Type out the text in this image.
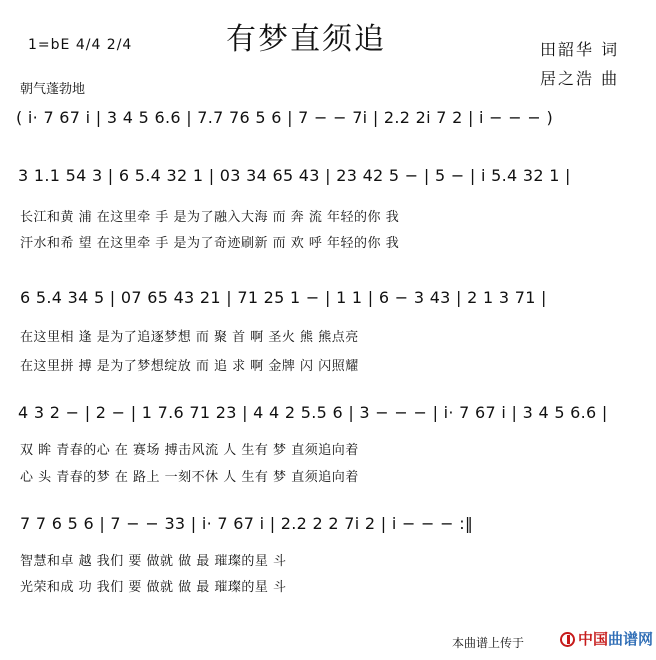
有梦直须追
1=bE 4/4 2/4	田韶华 词
居之浩 曲
朝气蓬勃地
( i· 7 67 i | 3 4 5 6.6 | 7.7 76 5 6 | 7 − − 7i | 2.2 2i 7 2 | i − − − )
3 1.1 54 3 | 6 5.4 32 1 | 03 34 65 43 | 23 42 5 − | 5 − | i 5.4 32 1 |
长江和黄 浦 在这里牵 手 是为了融入大海 而 奔 流 年轻的你 我
汗水和希 望 在这里牵 手 是为了奇迹刷新 而 欢 呼 年轻的你 我
6 5.4 34 5 | 07 65 43 21 | 71 25 1 − | 1 1 | 6 − 3 43 | 2 1 3 71 |
在这里相 逢 是为了追逐梦想 而 聚 首 啊 圣火 熊 熊点亮
在这里拼 搏 是为了梦想绽放 而 追 求 啊 金牌 闪 闪照耀
4 3 2 − | 2 − | 1 7.6 71 23 | 4 4 2 5.5 6 | 3 − − − | i· 7 67 i | 3 4 5 6.6 |
双 眸 青春的心 在 赛场 搏击风流 人 生有 梦 直须追向着
心 头 青春的梦 在 路上 一刻不休 人 生有 梦 直须追向着
7 7 6 5 6 | 7 − − 33 | i· 7 67 i | 2.2 2 2 7i 2 | i − − − :‖
智慧和卓 越 我们 要 做就 做 最 璀璨的星 斗
光荣和成 功 我们 要 做就 做 最 璀璨的星 斗
本曲谱上传于	中国曲谱网
